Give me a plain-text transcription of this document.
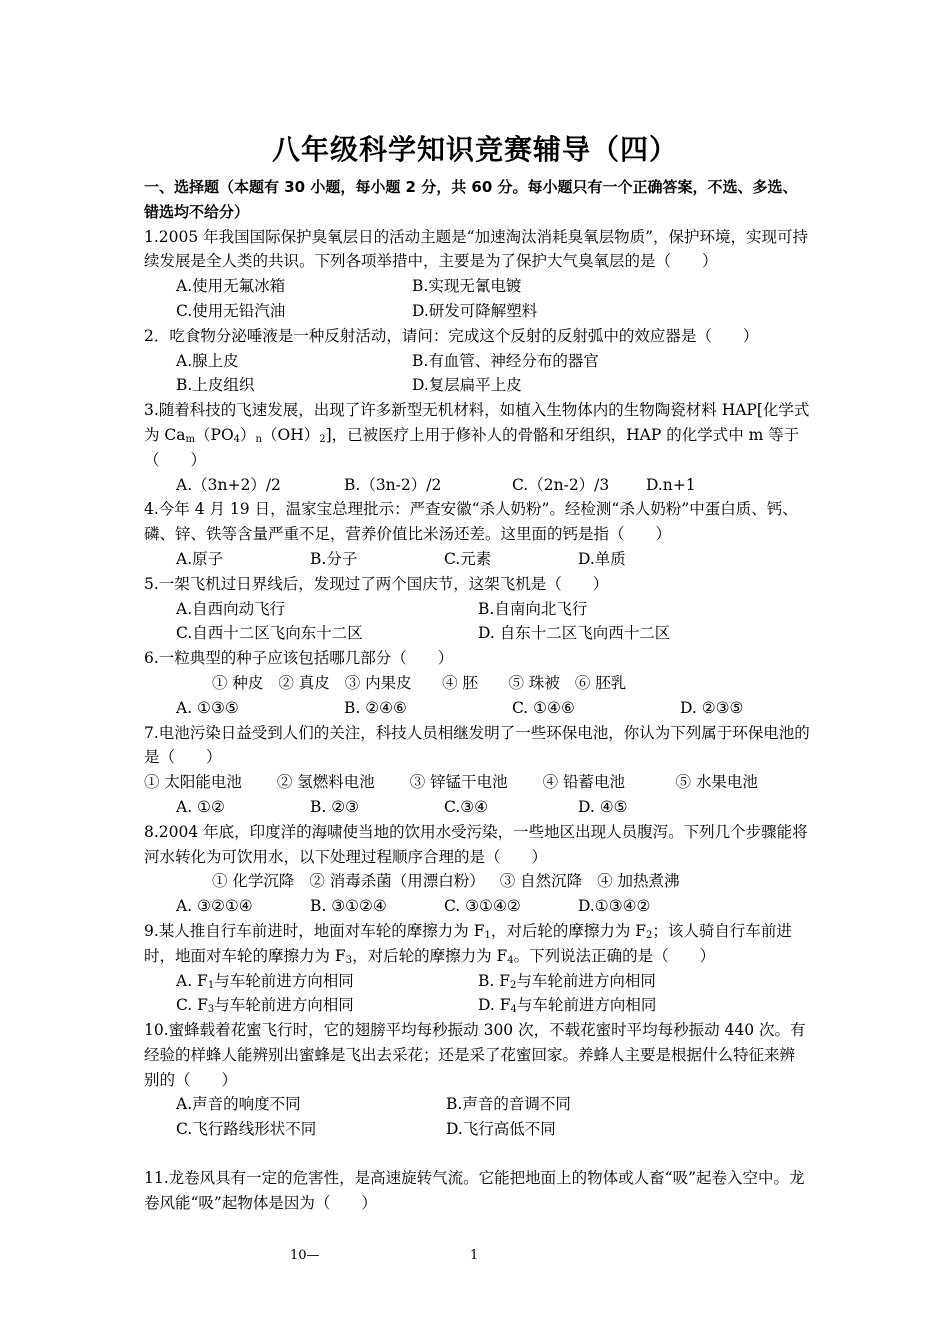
八年级科学知识竞赛辅导（四）
一、选择题（本题有 30 小题，每小题 2 分，共 60 分。每小题只有一个正确答案，不选、多选、错选均不给分）

1.2005 年我国国际保护臭氧层日的活动主题是“加速淘汰消耗臭氧层物质”，保护环境，实现可持续发展是全人类的共识。下列各项举措中，主要是为了保护大气臭氧层的是（　　）

A.使用无氟冰箱	B.实现无氰电镀
C.使用无铅汽油	D.研发可降解塑料

2．吃食物分泌唾液是一种反射活动，请问：完成这个反射的反射弧中的效应器是（　　）

A.腺上皮	B.有血管、神经分布的器官
B.上皮组织	D.复层扁平上皮

3.随着科技的飞速发展，出现了许多新型无机材料，如植入生物体内的生物陶瓷材料 HAP[化学式为 $Ca_m(PO_4)_n(OH)_2$]，已被医疗上用于修补人的骨骼和牙组织，HAP 的化学式中 m 等于（　　）

A.（3n+2）/2	B.（3n-2）/2	C.（2n-2）/3	D.n+1

4.今年 4 月 19 日，温家宝总理批示：严查安徽“杀人奶粉”。经检测“杀人奶粉”中蛋白质、钙、磷、锌、铁等含量严重不足，营养价值比米汤还差。这里面的钙是指（　　）

A.原子	B.分子	C.元素	D.单质

5.一架飞机过日界线后，发现过了两个国庆节，这架飞机是（　　）

A.自西向动飞行	B.自南向北飞行
C.自西十二区飞向东十二区	D. 自东十二区飞向西十二区

6.一粒典型的种子应该包括哪几部分（　　）

① 种皮 ② 真皮 ③ 内果皮 　④ 胚 　⑤ 珠被 ⑥ 胚乳
A. ①③⑤	B. ②④⑥	C. ①④⑥	D. ②③⑤

7.电池污染日益受到人们的关注，科技人员相继发明了一些环保电池，你认为下列属于环保电池的是（　　）

① 太阳能电池 ② 氢燃料电池 ③ 锌锰干电池 ④ 铅蓄电池 　⑤ 水果电池
A. ①②	B. ②③	C.③④	D. ④⑤

8.2004 年底，印度洋的海啸使当地的饮用水受污染，一些地区出现人员腹泻。下列几个步骤能将河水转化为可饮用水，以下处理过程顺序合理的是（　　）

① 化学沉降 ② 消毒杀菌（用漂白粉） ③ 自然沉降 ④ 加热煮沸
A. ③②①④	B. ③①②④	C. ③①④②	D.①③④②

9.某人推自行车前进时，地面对车轮的摩擦力为 $F_1$，对后轮的摩擦力为 $F_2$；该人骑自行车前进时，地面对车轮的摩擦力为 $F_3$，对后轮的摩擦力为 $F_4$。下列说法正确的是（　　）

A. $F_1$与车轮前进方向相同	B. $F_2$与车轮前进方向相同
C. $F_3$与车轮前进方向相同	D. $F_4$与车轮前进方向相同

10.蜜蜂载着花蜜飞行时，它的翅膀平均每秒振动 300 次，不载花蜜时平均每秒振动 440 次。有经验的样蜂人能辨别出蜜蜂是飞出去采花；还是采了花蜜回家。养蜂人主要是根据什么特征来辨别的（　　）

A.声音的响度不同	B.声音的音调不同
C.飞行路线形状不同	D.飞行高低不同

11.龙卷风具有一定的危害性，是高速旋转气流。它能把地面上的物体或人畜“吸”起卷入空中。龙卷风能“吸”起物体是因为（　　）

10—	1
